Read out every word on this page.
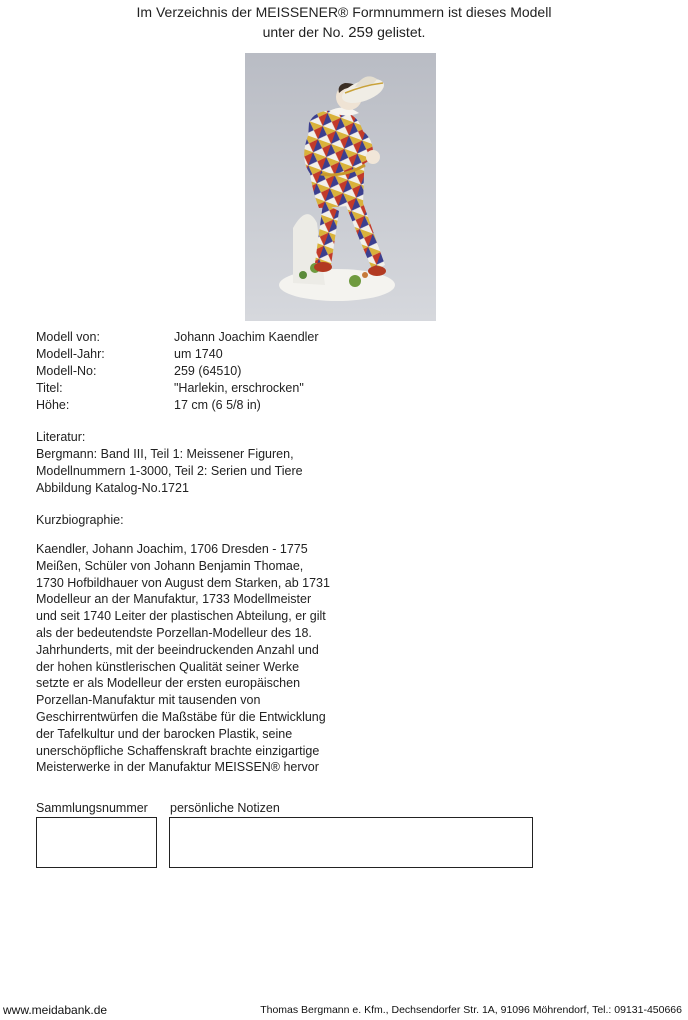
Im Verzeichnis der MEISSENER® Formnummern ist dieses Modell
unter der No. 259 gelistet.
Modell von:	Johann Joachim Kaendler
Modell-Jahr:	um 1740
Modell-No:	259 (64510)
Titel:	"Harlekin, erschrocken"
Höhe:	17 cm (6 5/8 in)
Literatur:
Bergmann: Band III, Teil 1: Meissener Figuren,
Modellnummern 1-3000, Teil 2: Serien und Tiere
Abbildung Katalog-No.1721
Kurzbiographie:
Kaendler, Johann Joachim, 1706 Dresden - 1775
Meißen, Schüler von Johann Benjamin Thomae,
1730 Hofbildhauer von August dem Starken, ab 1731
Modelleur an der Manufaktur, 1733 Modellmeister
und seit 1740 Leiter der plastischen Abteilung, er gilt
als der bedeutendste Porzellan-Modelleur des 18.
Jahrhunderts, mit der beeindruckenden Anzahl und
der hohen künstlerischen Qualität seiner Werke
setzte er als Modelleur der ersten europäischen
Porzellan-Manufaktur mit tausenden von
Geschirrentwürfen die Maßstäbe für die Entwicklung
der Tafelkultur und der barocken Plastik, seine
unerschöpfliche Schaffenskraft brachte einzigartige
Meisterwerke in der Manufaktur MEISSEN® hervor
Sammlungsnummer persönliche Notizen
www.meidabank.de	Thomas Bergmann e. Kfm., Dechsendorfer Str. 1A, 91096 Möhrendorf, Tel.: 09131-450666
